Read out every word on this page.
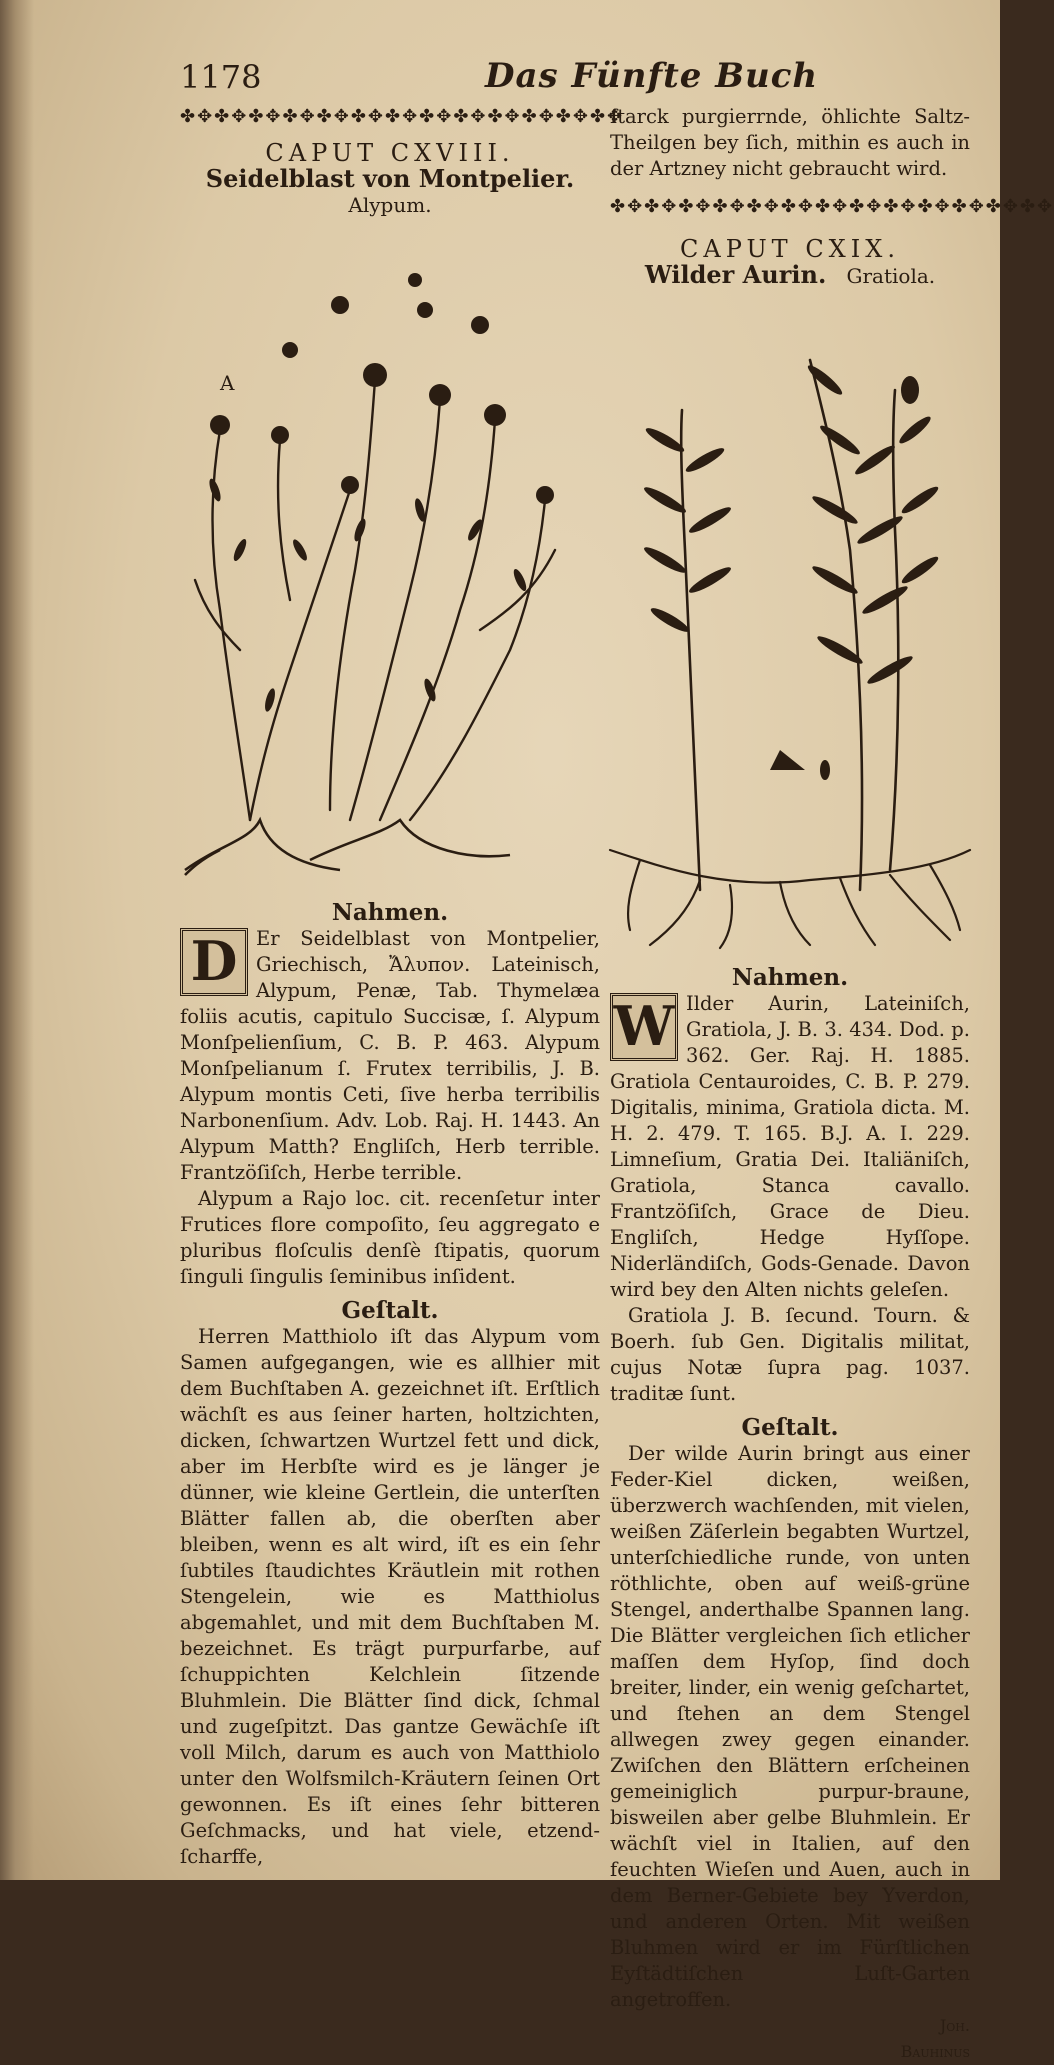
1178	Das Fünfte Buch
✤✥✤✥✤✥✤✥✤✥✤✥✤✥✤✥✤✥✤✥✤✥✤✥✤✥
CAPUT CXVIII.
Seidelblast von Montpelier.
Alypum.
A
Nahmen.
D Er Seidelblast von Montpelier, Griechisch, Ἄλυπον. Lateinisch, Alypum, Penæ, Tab. Thymelæa foliis acutis, capitulo Succisæ, ſ. Alypum Monſpelienſium, C. B. P. 463. Alypum Monſpelianum ſ. Frutex terribilis, J. B. Alypum montis Ceti, ſive herba terribilis Narbonenſium. Adv. Lob. Raj. H. 1443. An Alypum Matth? Engliſch, Herb terrible. Frantzöſiſch, Herbe terrible.

Alypum a Rajo loc. cit. recenſetur inter Frutices flore compoſito, ſeu aggregato e pluribus floſculis denſè ſtipatis, quorum ſinguli ſingulis ſeminibus inſident.

Geſtalt.

Herren Matthiolo iſt das Alypum vom Samen aufgegangen, wie es allhier mit dem Buchſtaben A. gezeichnet iſt. Erſtlich wächſt es aus ſeiner harten, holtzichten, dicken, ſchwartzen Wurtzel fett und dick, aber im Herbſte wird es je länger je dünner, wie kleine Gertlein, die unterſten Blätter fallen ab, die oberſten aber bleiben, wenn es alt wird, iſt es ein ſehr ſubtiles ſtaudichtes Kräutlein mit rothen Stengelein, wie es Matthiolus abgemahlet, und mit dem Buchſtaben M. bezeichnet. Es trägt purpurfarbe, auf ſchuppichten Kelchlein ſitzende Bluhmlein. Die Blätter ſind dick, ſchmal und zugeſpitzt. Das gantze Gewächſe iſt voll Milch, darum es auch von Matthiolo unter den Wolfsmilch-Kräutern ſeinen Ort gewonnen. Es iſt eines ſehr bitteren Geſchmacks, und hat viele, etzend-ſcharffe,

ſtarck purgierrnde, öhlichte Saltz-Theilgen bey ſich, mithin es auch in der Artzney nicht gebraucht wird.

✤✥✤✥✤✥✤✥✤✥✤✥✤✥✤✥✤✥✤✥✤✥✤✥✤✥
CAPUT CXIX.
Wilder Aurin. Gratiola.
Nahmen.
W Ilder Aurin, Lateiniſch, Gratiola, J. B. 3. 434. Dod. p. 362. Ger. Raj. H. 1885. Gratiola Centauroides, C. B. P. 279. Digitalis, minima, Gratiola dicta. M. H. 2. 479. T. 165. B.J. A. I. 229. Limneſium, Gratia Dei. Italiäniſch, Gratiola, Stanca cavallo. Frantzöſiſch, Grace de Dieu. Engliſch, Hedge Hyſſope. Niderländiſch, Gods-Genade. Davon wird bey den Alten nichts geleſen.

Gratiola J. B. ſecund. Tourn. & Boerh. ſub Gen. Digitalis militat, cujus Notæ ſupra pag. 1037. traditæ ſunt.

Geſtalt.

Der wilde Aurin bringt aus einer Feder-Kiel dicken, weißen, überzwerch wachſenden, mit vielen, weißen Zäſerlein begabten Wurtzel, unterſchiedliche runde, von unten röthlichte, oben auf weiß-grüne Stengel, anderthalbe Spannen lang. Die Blätter vergleichen ſich etlicher maſſen dem Hyſop, ſind doch breiter, linder, ein wenig geſchartet, und ſtehen an dem Stengel allwegen zwey gegen einander. Zwiſchen den Blättern erſcheinen gemeiniglich purpur-braune, bisweilen aber gelbe Bluhmlein. Er wächſt viel in Italien, auf den feuchten Wieſen und Auen, auch in dem Berner-Gebiete bey Yverdon, und anderen Orten. Mit weißen Bluhmen wird er im Fürſtlichen Eyſtädtiſchen Luſt-Garten angetroffen.

Joh.
Bauhinus
